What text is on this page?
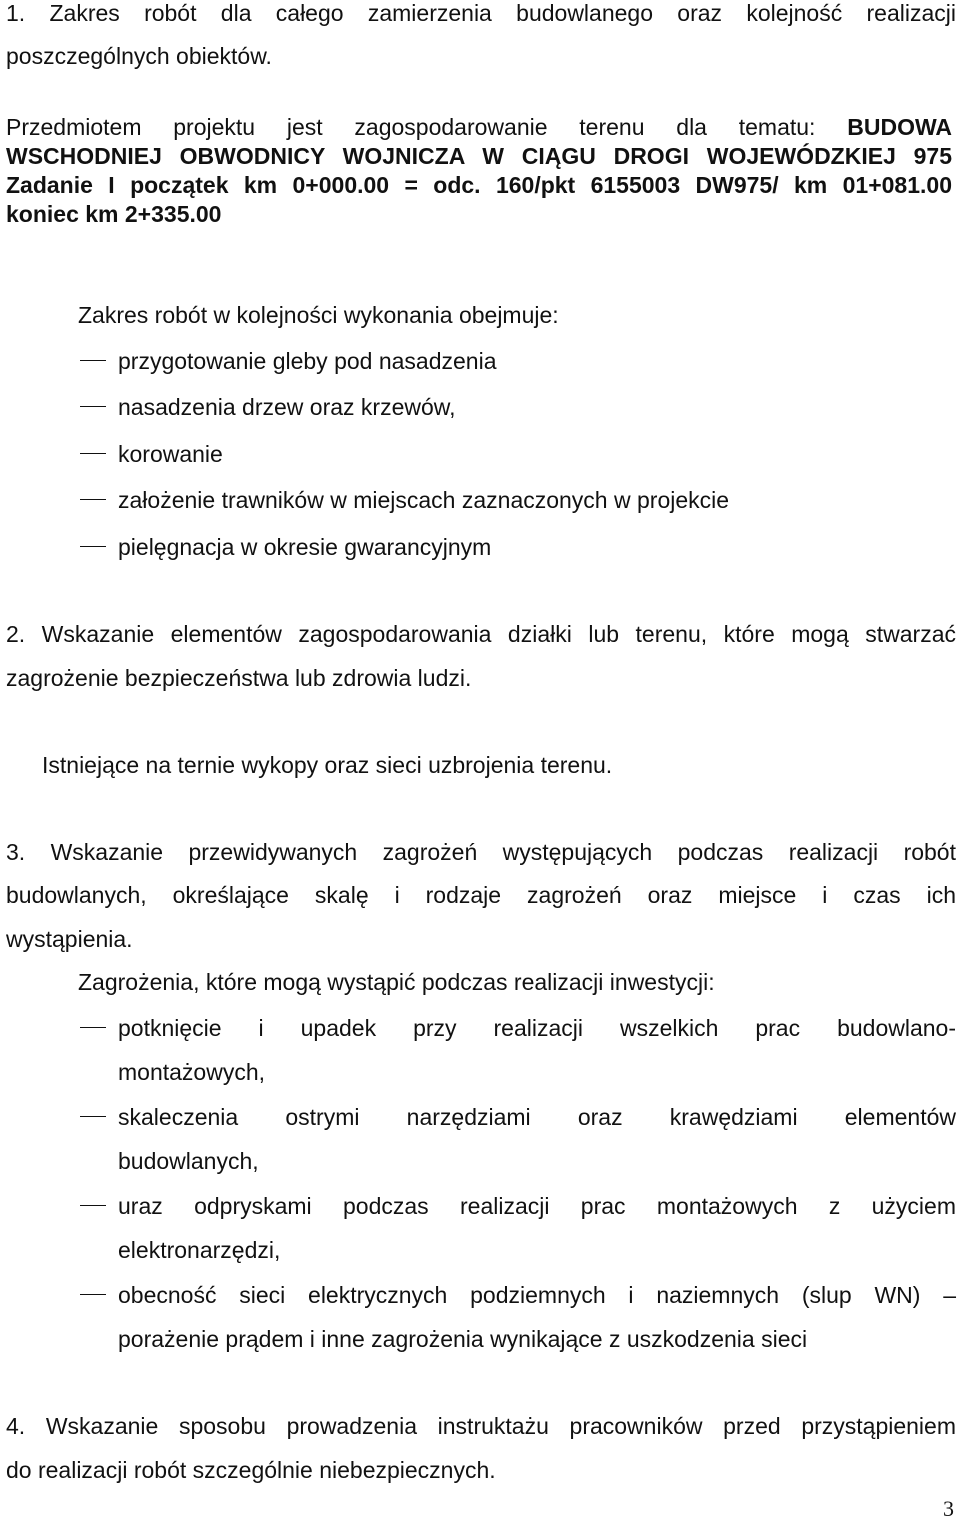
1. Zakres robót dla całego zamierzenia budowlanego oraz kolejność realizacji
poszczególnych obiektów.
Przedmiotem projektu jest zagospodarowanie terenu dla tematu: BUDOWA
WSCHODNIEJ OBWODNICY WOJNICZA W CIĄGU DROGI WOJEWÓDZKIEJ 975
Zadanie I początek km 0+000.00 = odc. 160/pkt 6155003 DW975/ km 01+081.00
koniec km 2+335.00
Zakres robót w kolejności wykonania obejmuje:
przygotowanie gleby pod nasadzenia
nasadzenia drzew oraz krzewów,
korowanie
założenie trawników w miejscach zaznaczonych w projekcie
pielęgnacja w okresie gwarancyjnym
2. Wskazanie elementów zagospodarowania działki lub terenu, które mogą stwarzać
zagrożenie bezpieczeństwa lub zdrowia ludzi.
Istniejące na ternie wykopy oraz sieci uzbrojenia terenu.
3. Wskazanie przewidywanych zagrożeń występujących podczas realizacji robót
budowlanych, określające skalę i rodzaje zagrożeń oraz miejsce i czas ich
wystąpienia.
Zagrożenia, które mogą wystąpić podczas realizacji inwestycji:
potknięcie i upadek przy realizacji wszelkich prac budowlano-
montażowych,
skaleczenia ostrymi narzędziami oraz krawędziami elementów
budowlanych,
uraz odpryskami podczas realizacji prac montażowych z użyciem
elektronarzędzi,
obecność sieci elektrycznych podziemnych i naziemnych (slup WN) –
porażenie prądem i inne zagrożenia wynikające z uszkodzenia sieci
4. Wskazanie sposobu prowadzenia instruktażu pracowników przed przystąpieniem
do realizacji robót szczególnie niebezpiecznych.
3
